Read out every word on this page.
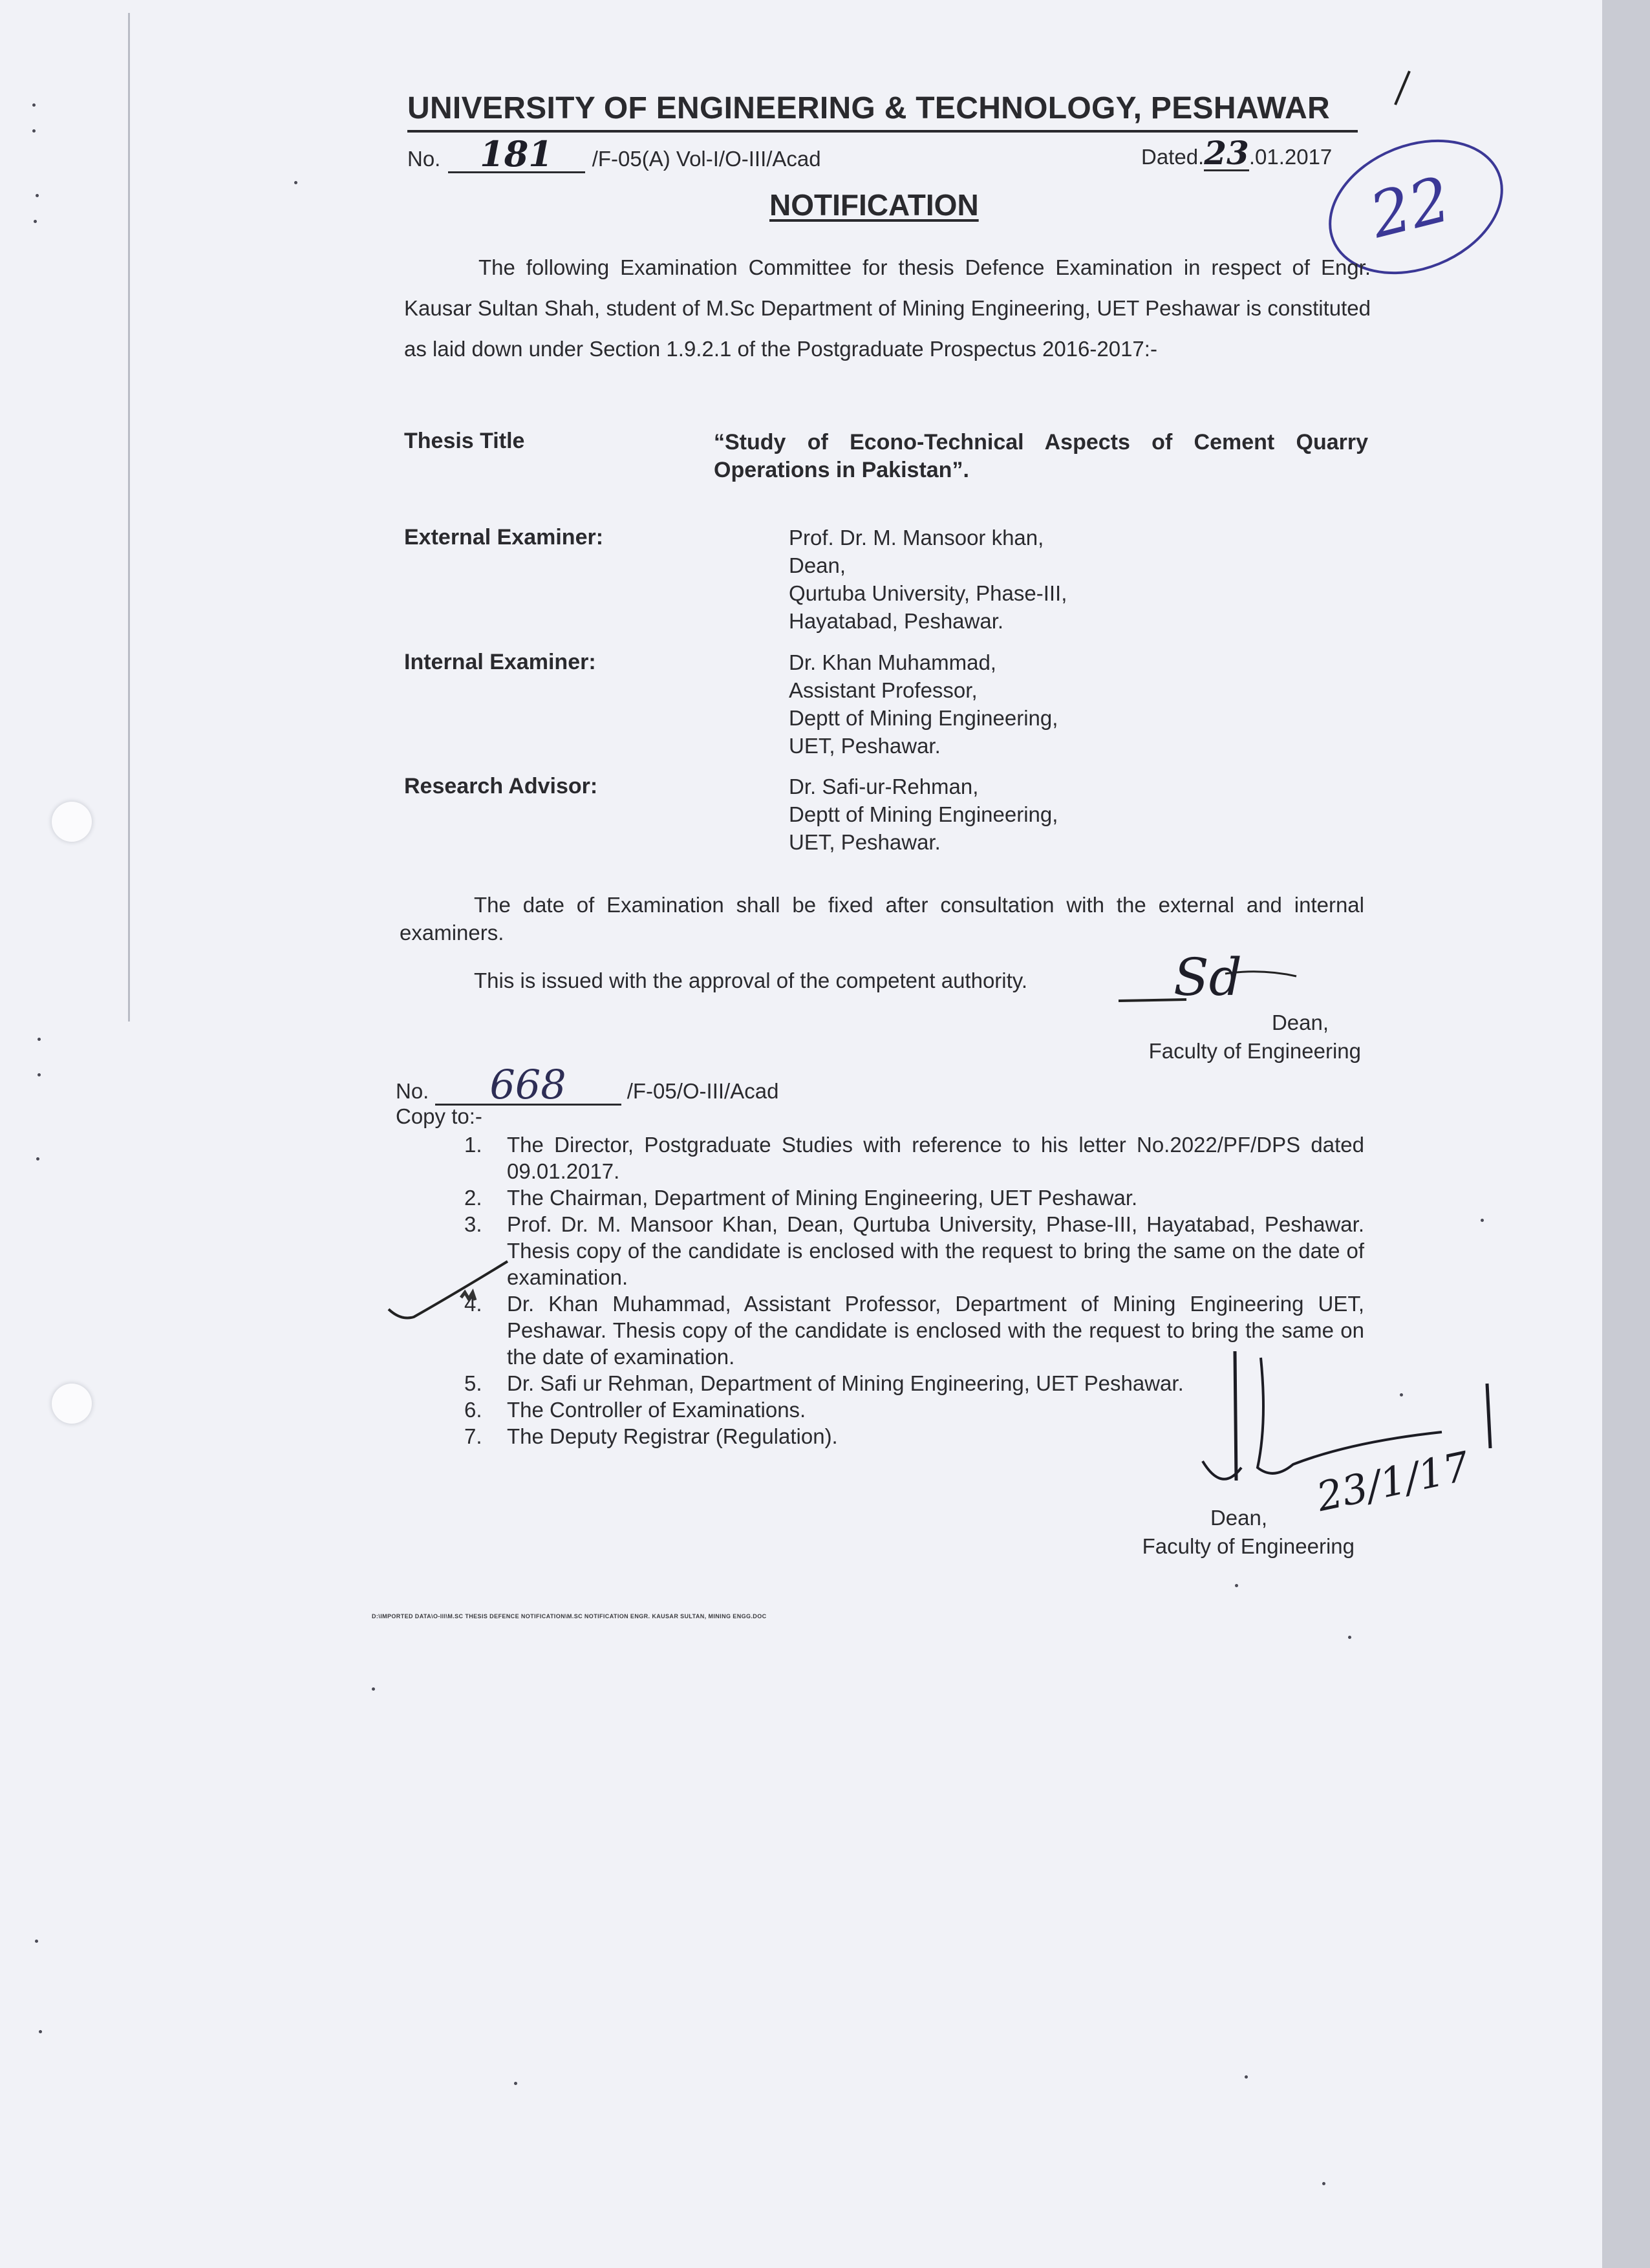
UNIVERSITY OF ENGINEERING & TECHNOLOGY, PESHAWAR
No. 181 /F-05(A) Vol-I/O-III/Acad	Dated.23.01.2017
22
NOTIFICATION

The following Examination Committee for thesis Defence Examination in respect of Engr. Kausar Sultan Shah, student of M.Sc Department of Mining Engineering, UET Peshawar is constituted as laid down under Section 1.9.2.1 of the Postgraduate Prospectus 2016-2017:-

Thesis Title	“Study of Econo-Technical Aspects of Cement Quarry Operations in Pakistan”.
External Examiner:	Prof. Dr. M. Mansoor khan,
Dean,
Qurtuba University, Phase-III,
Hayatabad, Peshawar.
Internal Examiner:	Dr. Khan Muhammad,
Assistant Professor,
Deptt of Mining Engineering,
UET, Peshawar.
Research Advisor:	Dr. Safi-ur-Rehman,
Deptt of Mining Engineering,
UET, Peshawar.

The date of Examination shall be fixed after consultation with the external and internal examiners.

This is issued with the approval of the competent authority.	Sd
Dean,
Faculty of Engineering
No. 668	/F-05/O-III/Acad
Copy to:-
1. The Director, Postgraduate Studies with reference to his letter No.2022/PF/DPS dated 09.01.2017.
2. The Chairman, Department of Mining Engineering, UET Peshawar.
3. Prof. Dr. M. Mansoor Khan, Dean, Qurtuba University, Phase-III, Hayatabad, Peshawar. Thesis copy of the candidate is enclosed with the request to bring the same on the date of examination.
4. Dr. Khan Muhammad, Assistant Professor, Department of Mining Engineering UET, Peshawar. Thesis copy of the candidate is enclosed with the request to bring the same on the date of examination.
5. Dr. Safi ur Rehman, Department of Mining Engineering, UET Peshawar.
6. The Controller of Examinations.
7. The Deputy Registrar (Regulation).
23/1/17
Dean,
Faculty of Engineering
D:\IMPORTED DATA\O-III\M.SC THESIS DEFENCE NOTIFICATION\M.SC NOTIFICATION ENGR. KAUSAR SULTAN, MINING ENGG.DOC
